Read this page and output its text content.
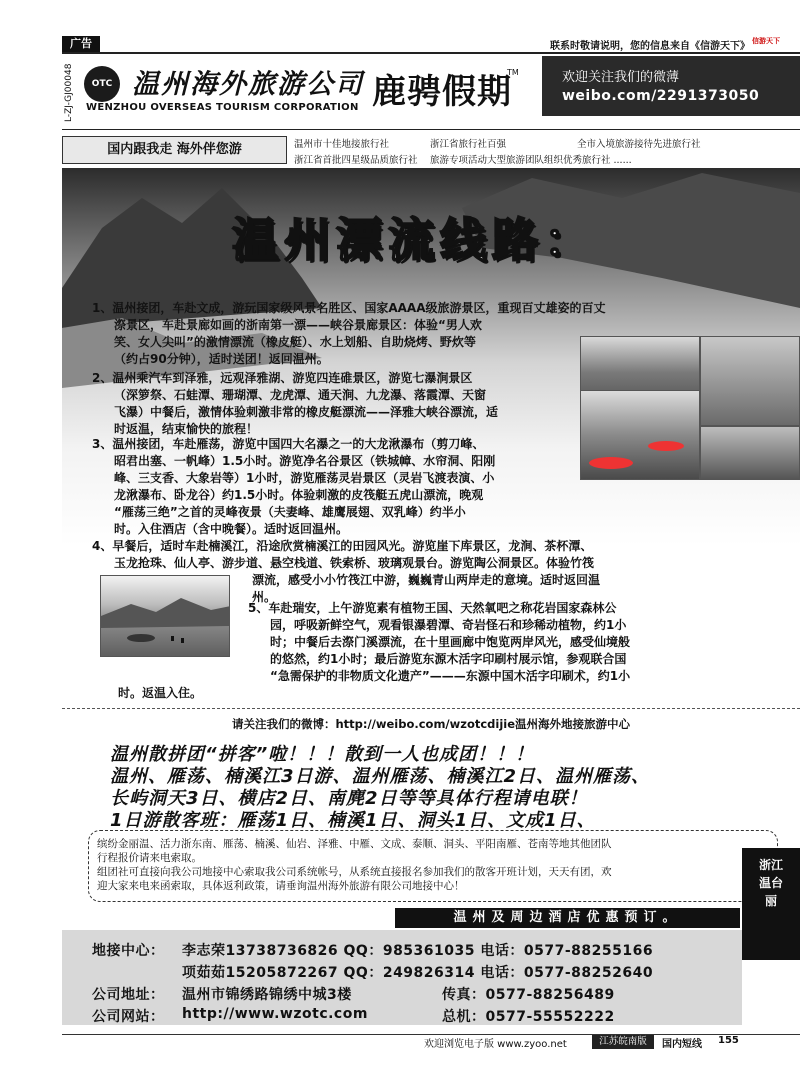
广告	联系时敬请说明，您的信息来自《信游天下》 信游天下
L-ZJ-GJ00048	OTC 温州海外旅游公司
WENZHOU OVERSEAS TOURISM CORPORATION 鹿骋假期
TM	欢迎关注我们的微薄
weibo.com/2291373050
国内跟我走 海外伴您游	温州市十佳地接旅行社	浙江省旅行社百强	全市入境旅游接待先进旅行社
浙江省首批四星级品质旅行社 旅游专项活动大型旅游团队组织优秀旅行社 ......
温州漂流线路：
1、温州接团，车赴文成，游玩国家级风景名胜区、国家AAAA级旅游景区，重现百丈雄姿的百丈
漈景区，车赴景廊如画的浙南第一漂——峡谷景廊景区：体验“男人欢
笑、女人尖叫”的激情漂流（橡皮艇）、水上划船、自助烧烤、野炊等
（约占90分钟），适时送团！返回温州。
2、温州乘汽车到泽雅，远观泽雅湖、游览四连碓景区，游览七瀑涧景区
（深箩祭、石蛙潭、珊瑚潭、龙虎潭、通天涧、九龙瀑、落霞潭、天窗
飞瀑）中餐后，激情体验刺激非常的橡皮艇漂流——泽雅大峡谷漂流，适
时返温，结束愉快的旅程！
3、温州接团，车赴雁荡，游览中国四大名瀑之一的大龙湫瀑布（剪刀峰、
昭君出塞、一帆峰）1.5小时。游览净名谷景区（铁城幛、水帘洞、阳刚
峰、三支香、大象岩等）1小时，游览雁荡灵岩景区（灵岩飞渡表演、小
龙湫瀑布、卧龙谷）约1.5小时。体验刺激的皮筏艇五虎山漂流，晚观
“雁荡三绝”之首的灵峰夜景（夫妻峰、雄鹰展翅、双乳峰）约半小
时。入住酒店（含中晚餐）。适时返回温州。
4、早餐后，适时车赴楠溪江，沿途欣赏楠溪江的田园风光。游览崖下库景区，龙涧、茶杯潭、
玉龙抢珠、仙人亭、游步道、悬空栈道、铁索桥、玻璃观景台。游览陶公洞景区。体验竹筏
漂流，感受小小竹筏江中游，巍巍青山两岸走的意境。适时返回温
州。
5、车赴瑞安，上午游览素有植物王国、天然氧吧之称花岩国家森林公
园，呼吸新鲜空气，观看银瀑碧潭、奇岩怪石和珍稀动植物，约1小
时；中餐后去漈门溪漂流，在十里画廊中饱览两岸风光，感受仙境般
的悠然，约1小时；最后游览东源木活字印刷村展示馆，参观联合国
“急需保护的非物质文化遗产”———东源中国木活字印刷术，约1小
时。返温入住。
请关注我们的微博：http://weibo.com/wzotcdijie温州海外地接旅游中心
温州散拼团“拼客”啦！！！散到一人也成团！！！
温州、雁荡、楠溪江3日游、温州雁荡、楠溪江2日、温州雁荡、
长屿洞天3日、横店2日、南麂2日等等具体行程请电联！
1日游散客班：雁荡1日、楠溪1日、洞头1日、文成1日、
缤纷金丽温、活力浙东南、雁荡、楠溪、仙岩、泽雅、中雁、文成、泰顺、洞头、平阳南雁、苍南等地其他团队
行程报价请来电索取。
组团社可直接向我公司地接中心索取我公司系统帐号，从系统直接报名参加我们的散客开班计划，天天有团，欢
迎大家来电来函索取，具体返利政策，请垂询温州海外旅游有限公司地接中心！
浙江
温台
丽
温州及周边酒店优惠预订。
地接中心： 李志荣13738736826 QQ：985361035 电话：0577-88255166
项茹茹15205872267 QQ：249826314 电话：0577-88252640
公司地址： 温州市锦绣路锦绣中城3楼	传真：0577-88256489
公司网站： http://www.wzotc.com	总机：0577-55552222
欢迎浏览电子版 www.zyoo.net	江苏皖南版	国内短线 155
